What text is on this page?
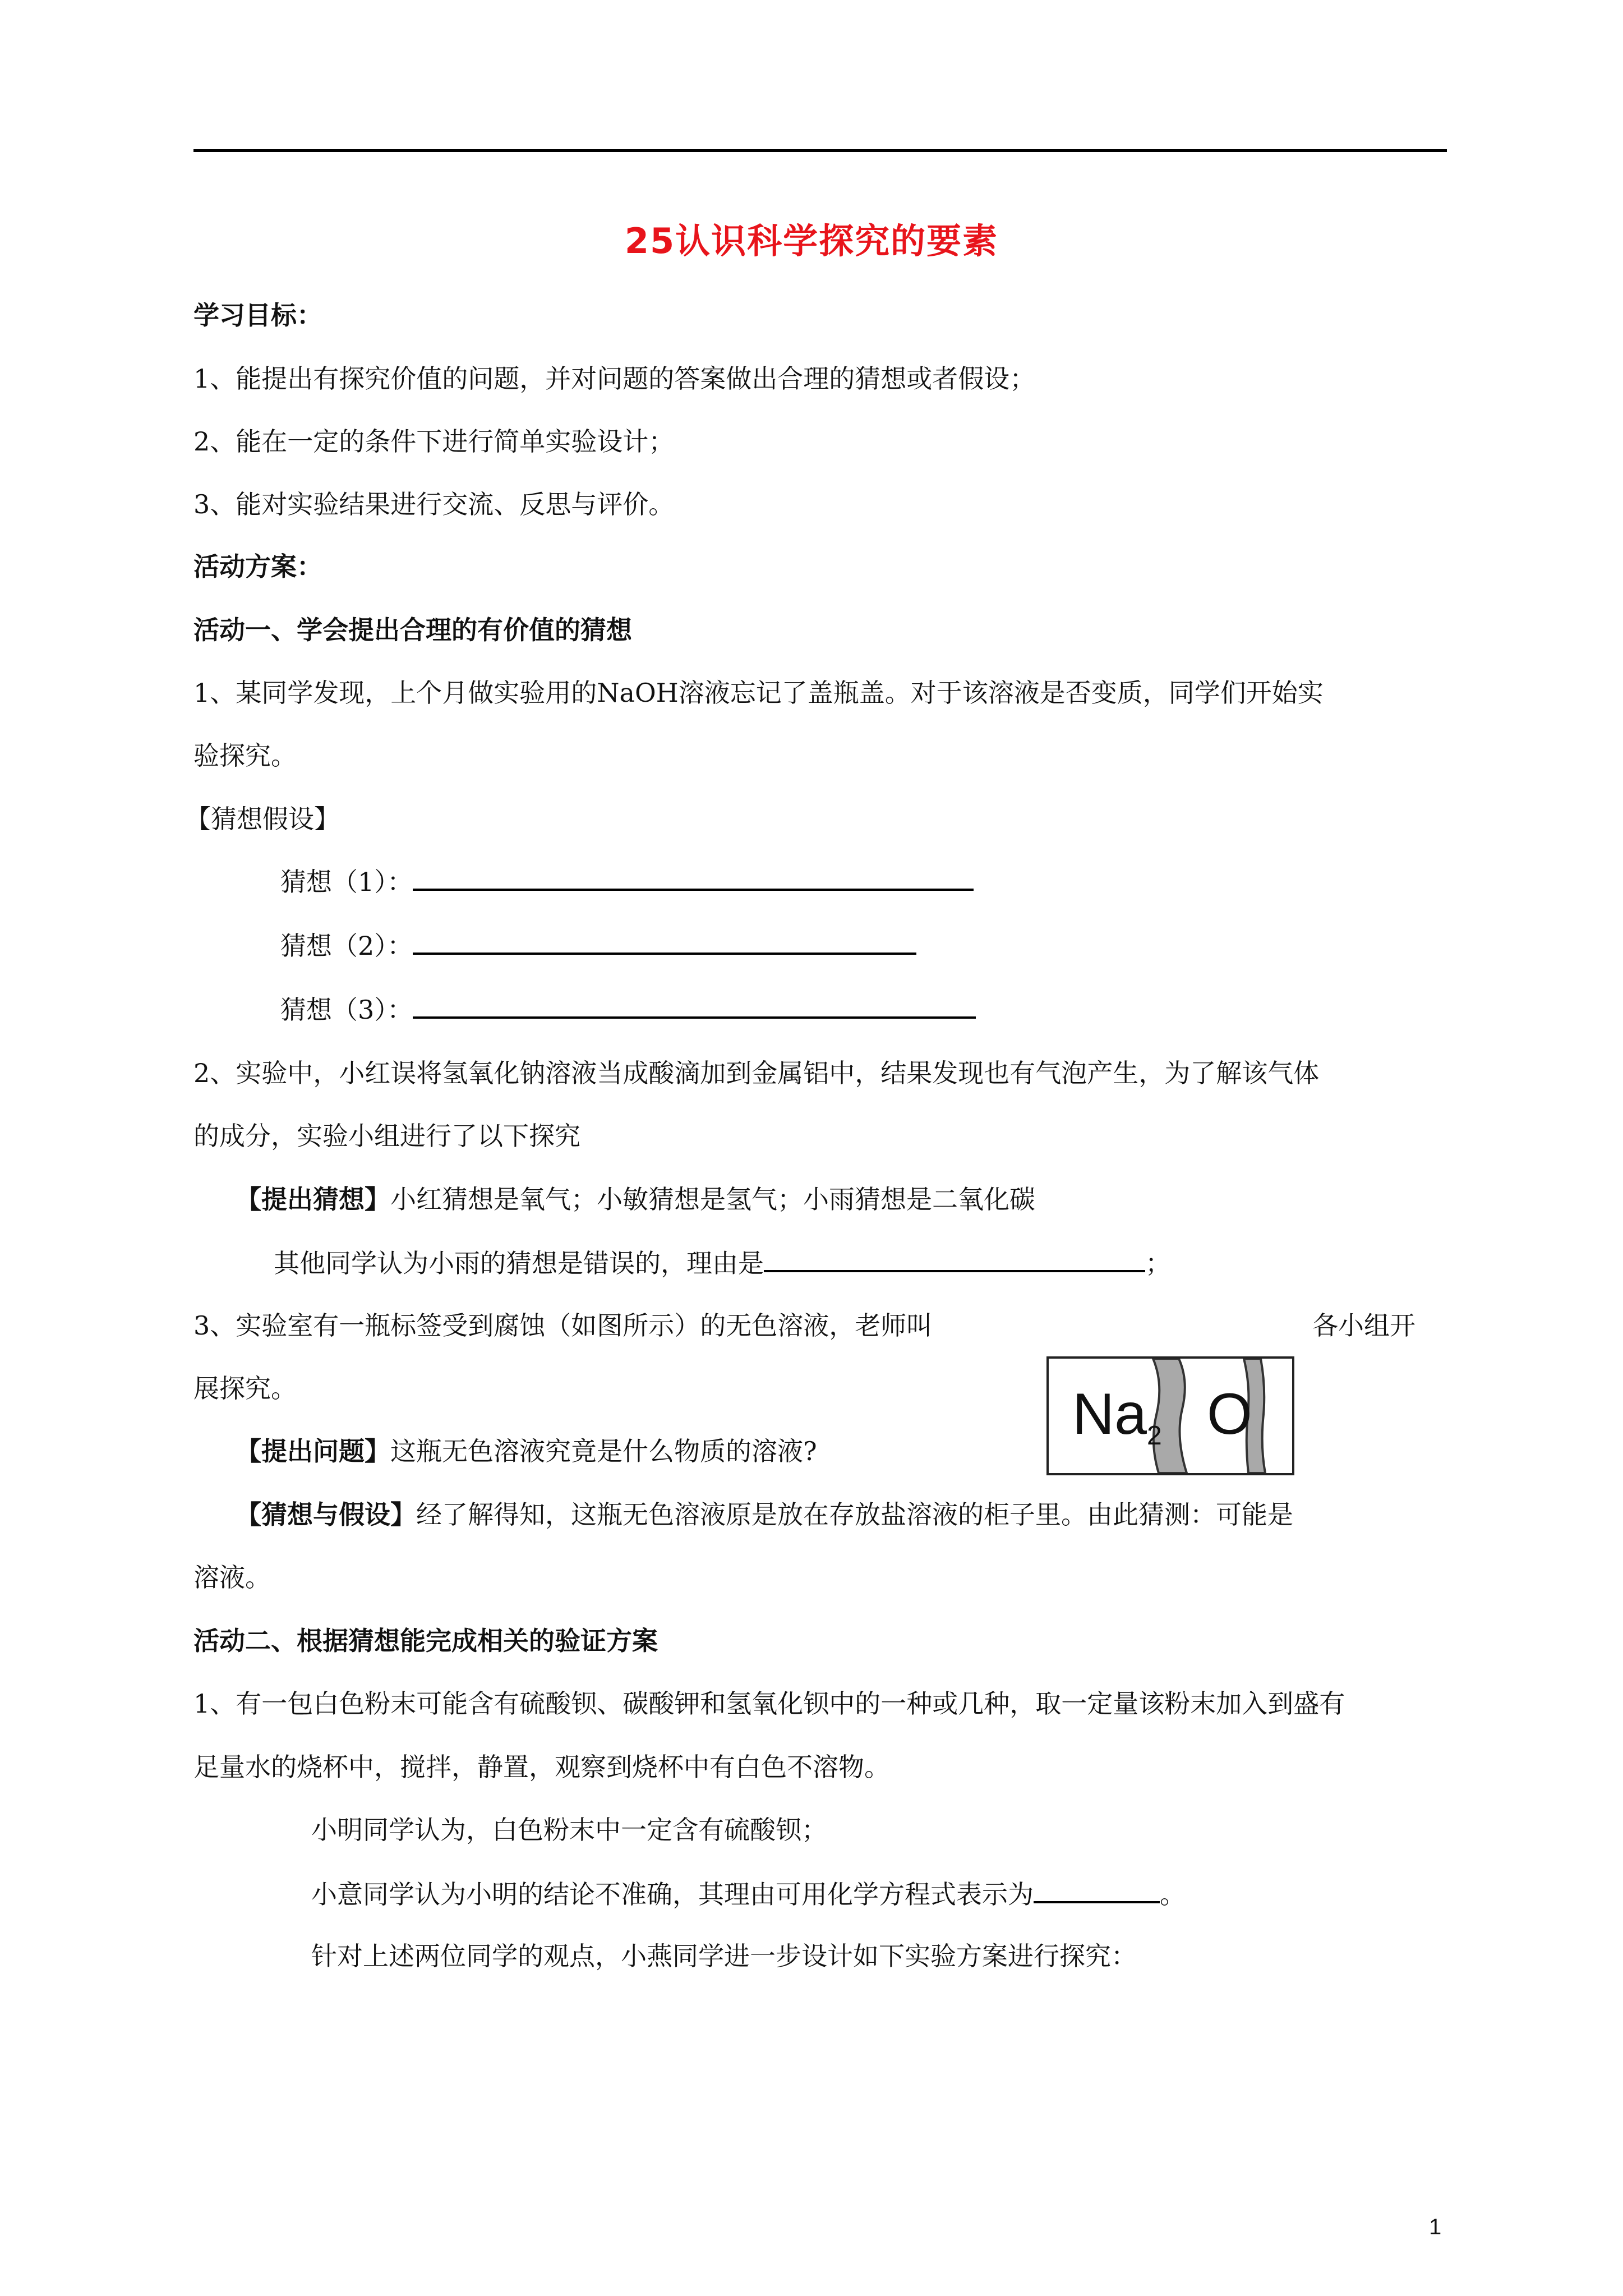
25认识科学探究的要素
学习目标：
1、能提出有探究价值的问题，并对问题的答案做出合理的猜想或者假设；
2、能在一定的条件下进行简单实验设计；
3、能对实验结果进行交流、反思与评价。
活动方案：
活动一、学会提出合理的有价值的猜想
1、某同学发现，上个月做实验用的NaOH溶液忘记了盖瓶盖。对于该溶液是否变质，同学们开始实
验探究。
【猜想假设】
猜想（1）：
猜想（2）：
猜想（3）：
2、实验中，小红误将氢氧化钠溶液当成酸滴加到金属铝中，结果发现也有气泡产生，为了解该气体
的成分，实验小组进行了以下探究
【提出猜想】小红猜想是氧气；小敏猜想是氢气；小雨猜想是二氧化碳
其他同学认为小雨的猜想是错误的，理由是	；
3、实验室有一瓶标签受到腐蚀（如图所示）的无色溶液，老师叫	各小组开
展探究。	Na 2 O
【提出问题】这瓶无色溶液究竟是什么物质的溶液?
【猜想与假设】经了解得知，这瓶无色溶液原是放在存放盐溶液的柜子里。由此猜测：可能是
溶液。
活动二、根据猜想能完成相关的验证方案
1、有一包白色粉末可能含有硫酸钡、碳酸钾和氢氧化钡中的一种或几种，取一定量该粉末加入到盛有
足量水的烧杯中，搅拌，静置，观察到烧杯中有白色不溶物。
小明同学认为，白色粉末中一定含有硫酸钡；
小意同学认为小明的结论不准确，其理由可用化学方程式表示为	。
针对上述两位同学的观点，小燕同学进一步设计如下实验方案进行探究：
1
